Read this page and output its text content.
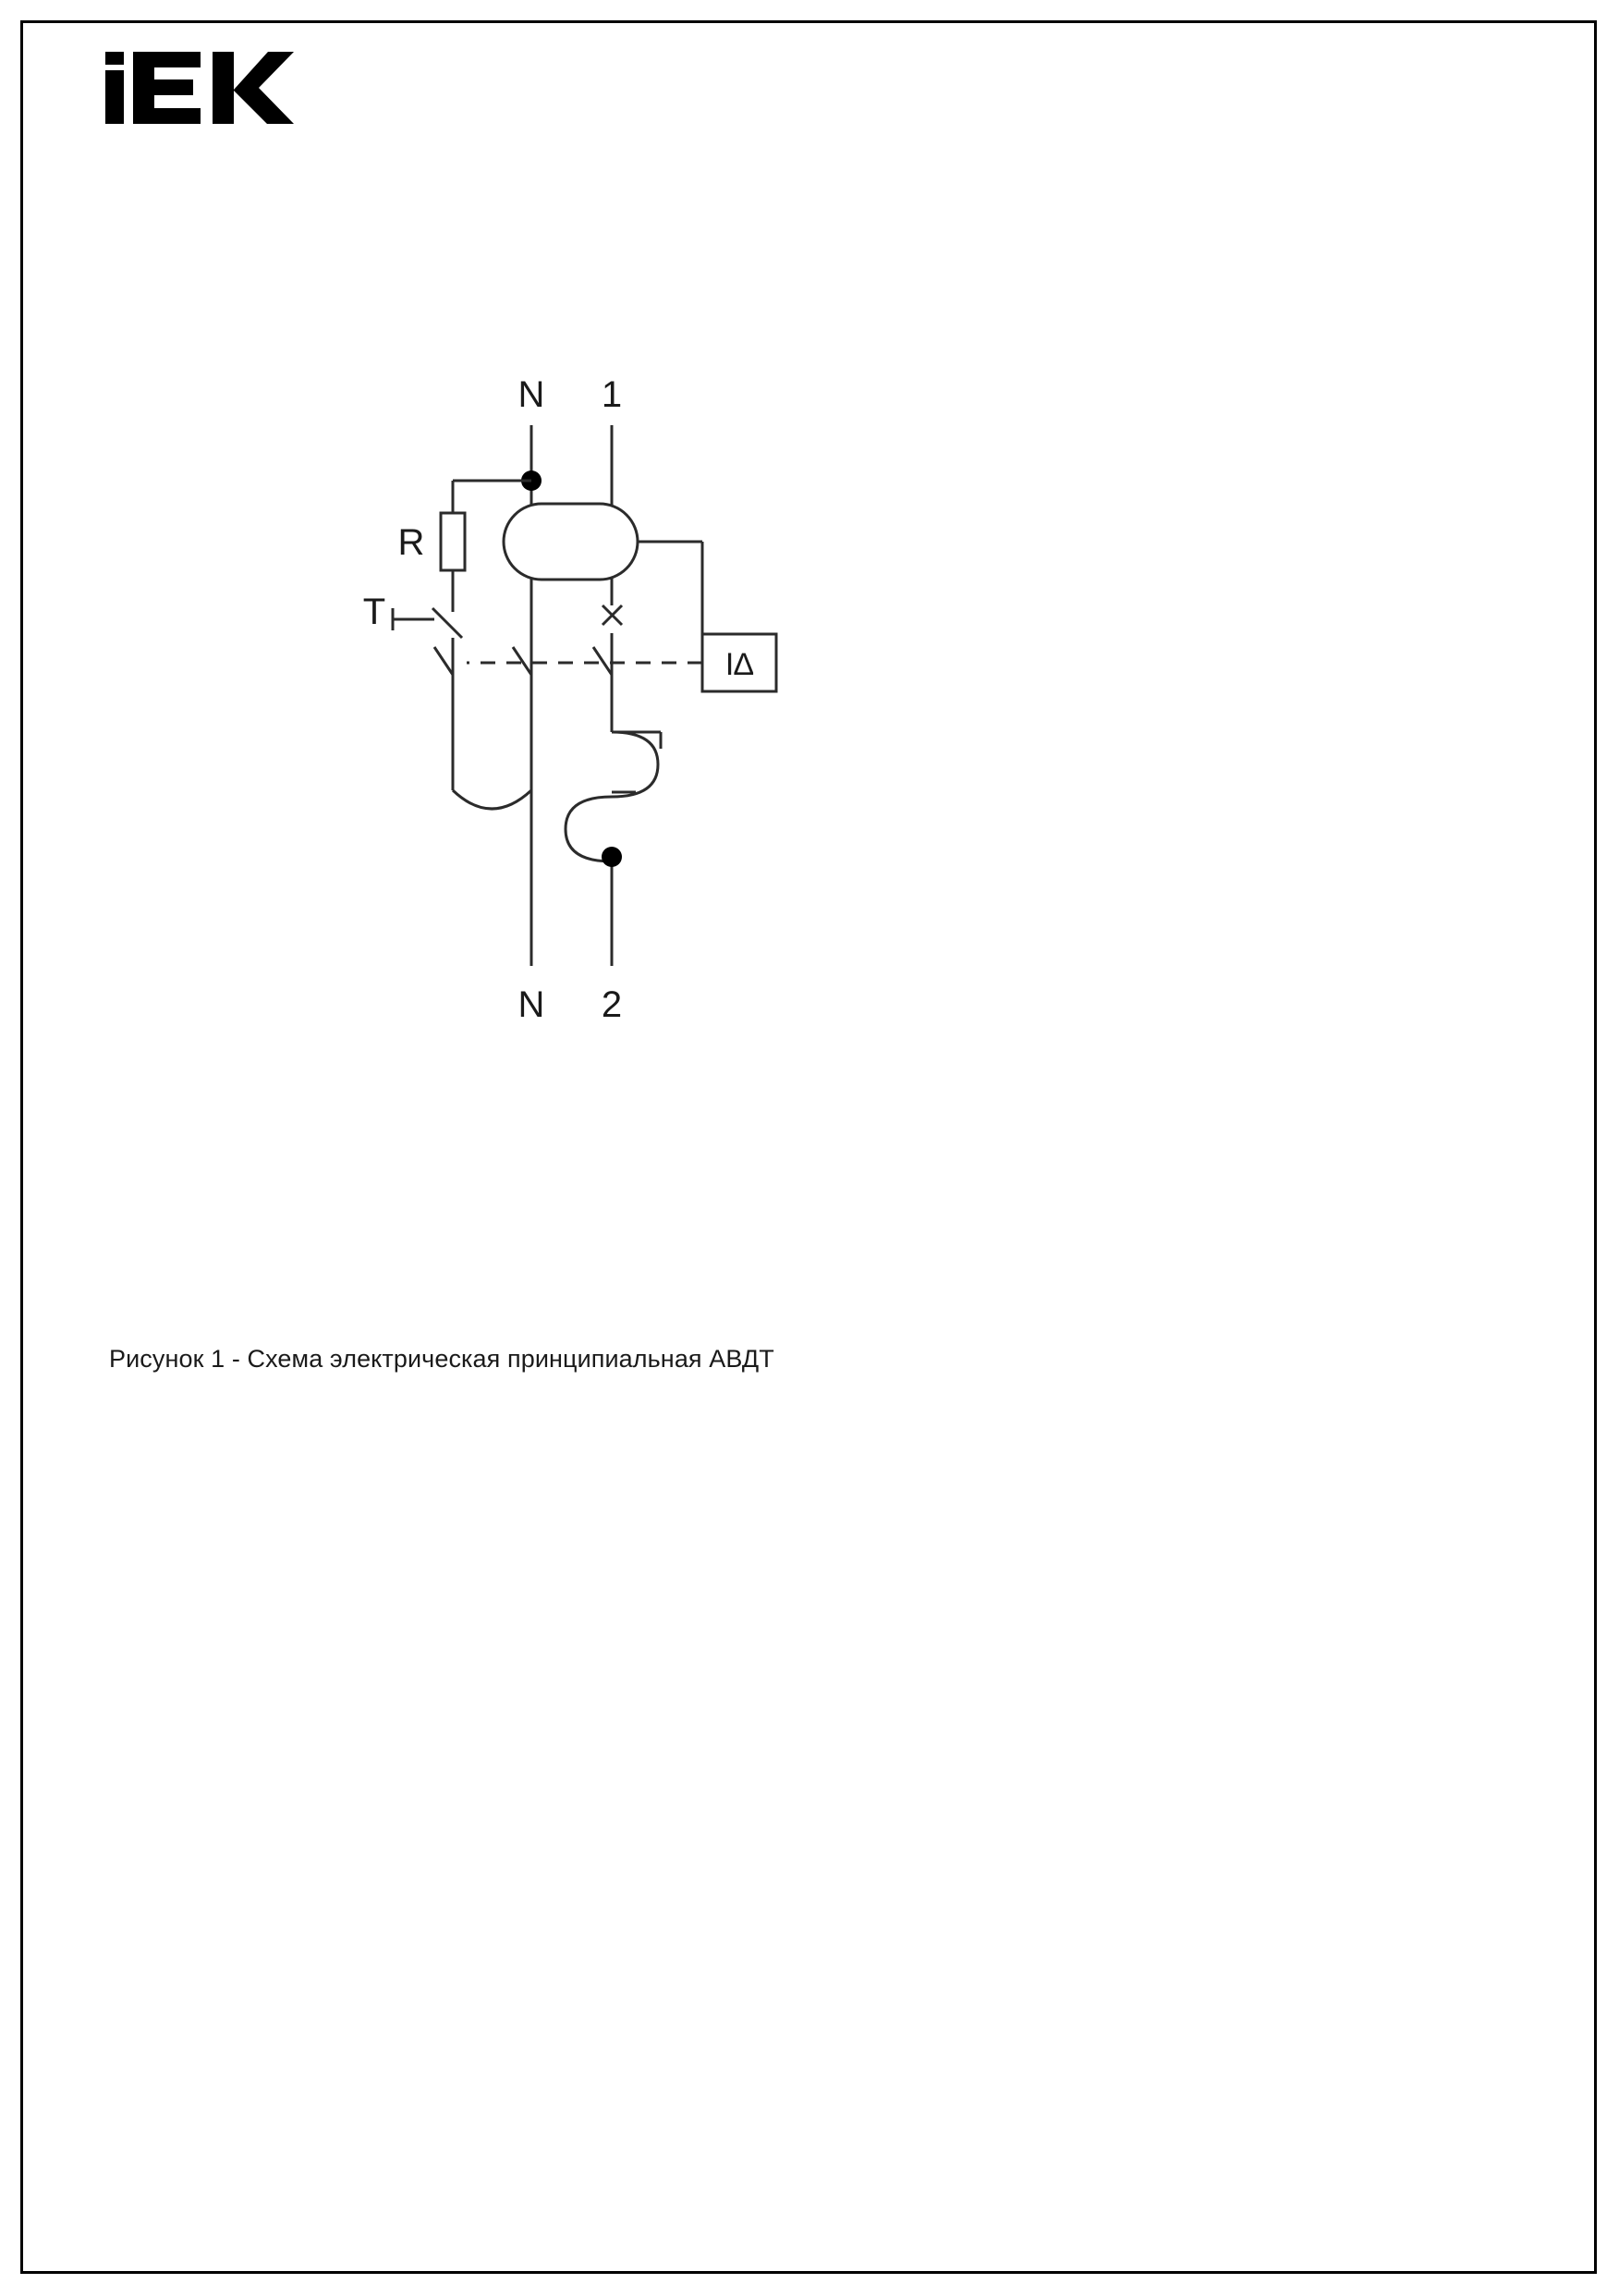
N 1
R
T
I∆
N 2
Рисунок 1 - Схема электрическая принципиальная АВДТ
